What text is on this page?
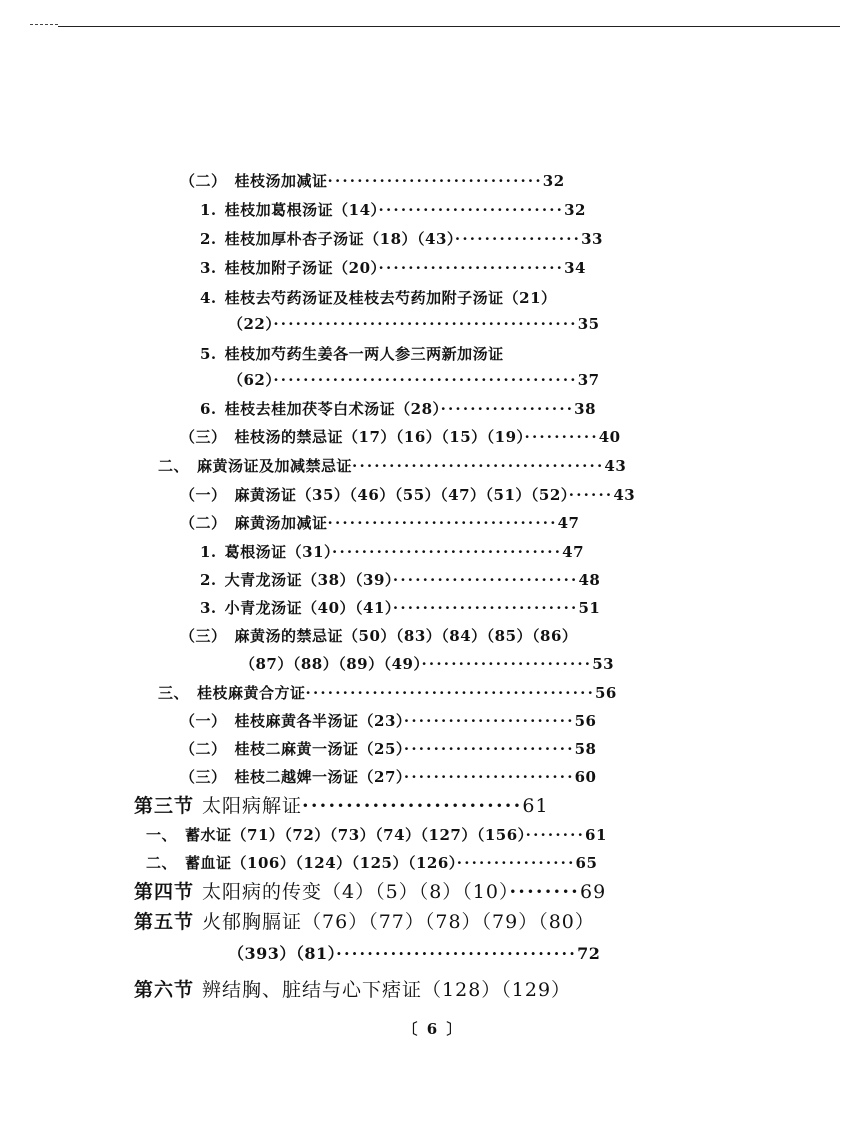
（二） 桂枝汤加减证·····························32
1. 桂枝加葛根汤证（14）·························32
2. 桂枝加厚朴杏子汤证（18）（43）·················33
3. 桂枝加附子汤证（20）·························34
4. 桂枝去芍药汤证及桂枝去芍药加附子汤证（21）
（22）·········································35
5. 桂枝加芍药生姜各一两人参三两新加汤证
（62）·········································37
6. 桂枝去桂加茯苓白术汤证（28）··················38
（三） 桂枝汤的禁忌证（17）（16）（15）（19）··········40
二、 麻黄汤证及加减禁忌证··································43
（一） 麻黄汤证（35）（46）（55）（47）（51）（52）······43
（二） 麻黄汤加减证·······························47
1. 葛根汤证（31）·······························47
2. 大青龙汤证（38）（39）·························48
3. 小青龙汤证（40）（41）·························51
（三） 麻黄汤的禁忌证（50）（83）（84）（85）（86）
（87）（88）（89）（49）·······················53
三、 桂枝麻黄合方证·······································56
（一） 桂枝麻黄各半汤证（23）·······················56
（二） 桂枝二麻黄一汤证（25）·······················58
（三） 桂枝二越婢一汤证（27）·······················60
第三节 太阳病解证·························61
一、 蓄水证（71）（72）（73）（74）（127）（156）········61
二、 蓄血证（106）（124）（125）（126）················65
第四节 太阳病的传变（4）（5）（8）（10）········69
第五节 火郁胸膈证（76）（77）（78）（79）（80）
（393）（81）·······························72
第六节 辨结胸、脏结与心下痞证（128）（129）
〔 6 〕
